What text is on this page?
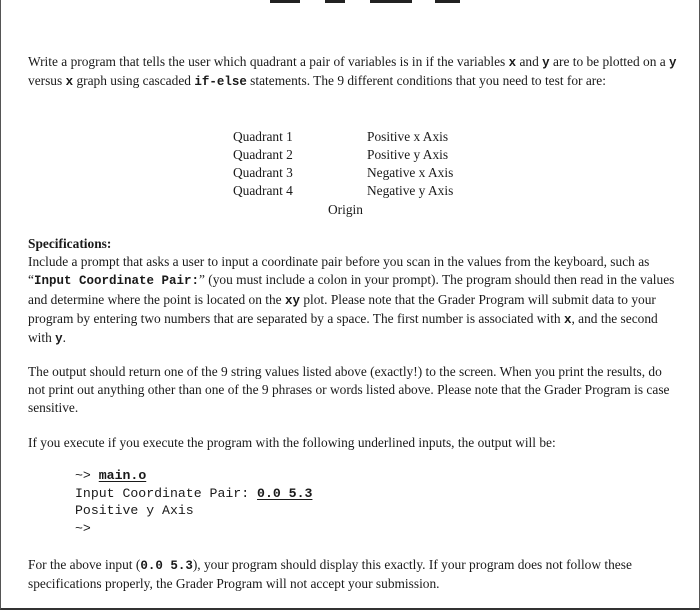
Write a program that tells the user which quadrant a pair of variables is in if the variables x and y are to be plotted on a y versus x graph using cascaded if-else statements. The 9 different conditions that you need to test for are:

Quadrant 1
Quadrant 2
Quadrant 3
Quadrant 4
Positive x Axis
Positive y Axis
Negative x Axis
Negative y Axis
Origin

Specifications:
Include a prompt that asks a user to input a coordinate pair before you scan in the values from the keyboard, such as “Input Coordinate Pair:” (you must include a colon in your prompt). The program should then read in the values and determine where the point is located on the xy plot. Please note that the Grader Program will submit data to your program by entering two numbers that are separated by a space. The first number is associated with x, and the second with y.

The output should return one of the 9 string values listed above (exactly!) to the screen. When you print the results, do not print out anything other than one of the 9 phrases or words listed above. Please note that the Grader Program is case sensitive.

If you execute if you execute the program with the following underlined inputs, the output will be:

~> main.o
Input Coordinate Pair: 0.0 5.3
Positive y Axis
~>

For the above input (0.0 5.3), your program should display this exactly. If your program does not follow these specifications properly, the Grader Program will not accept your submission.
